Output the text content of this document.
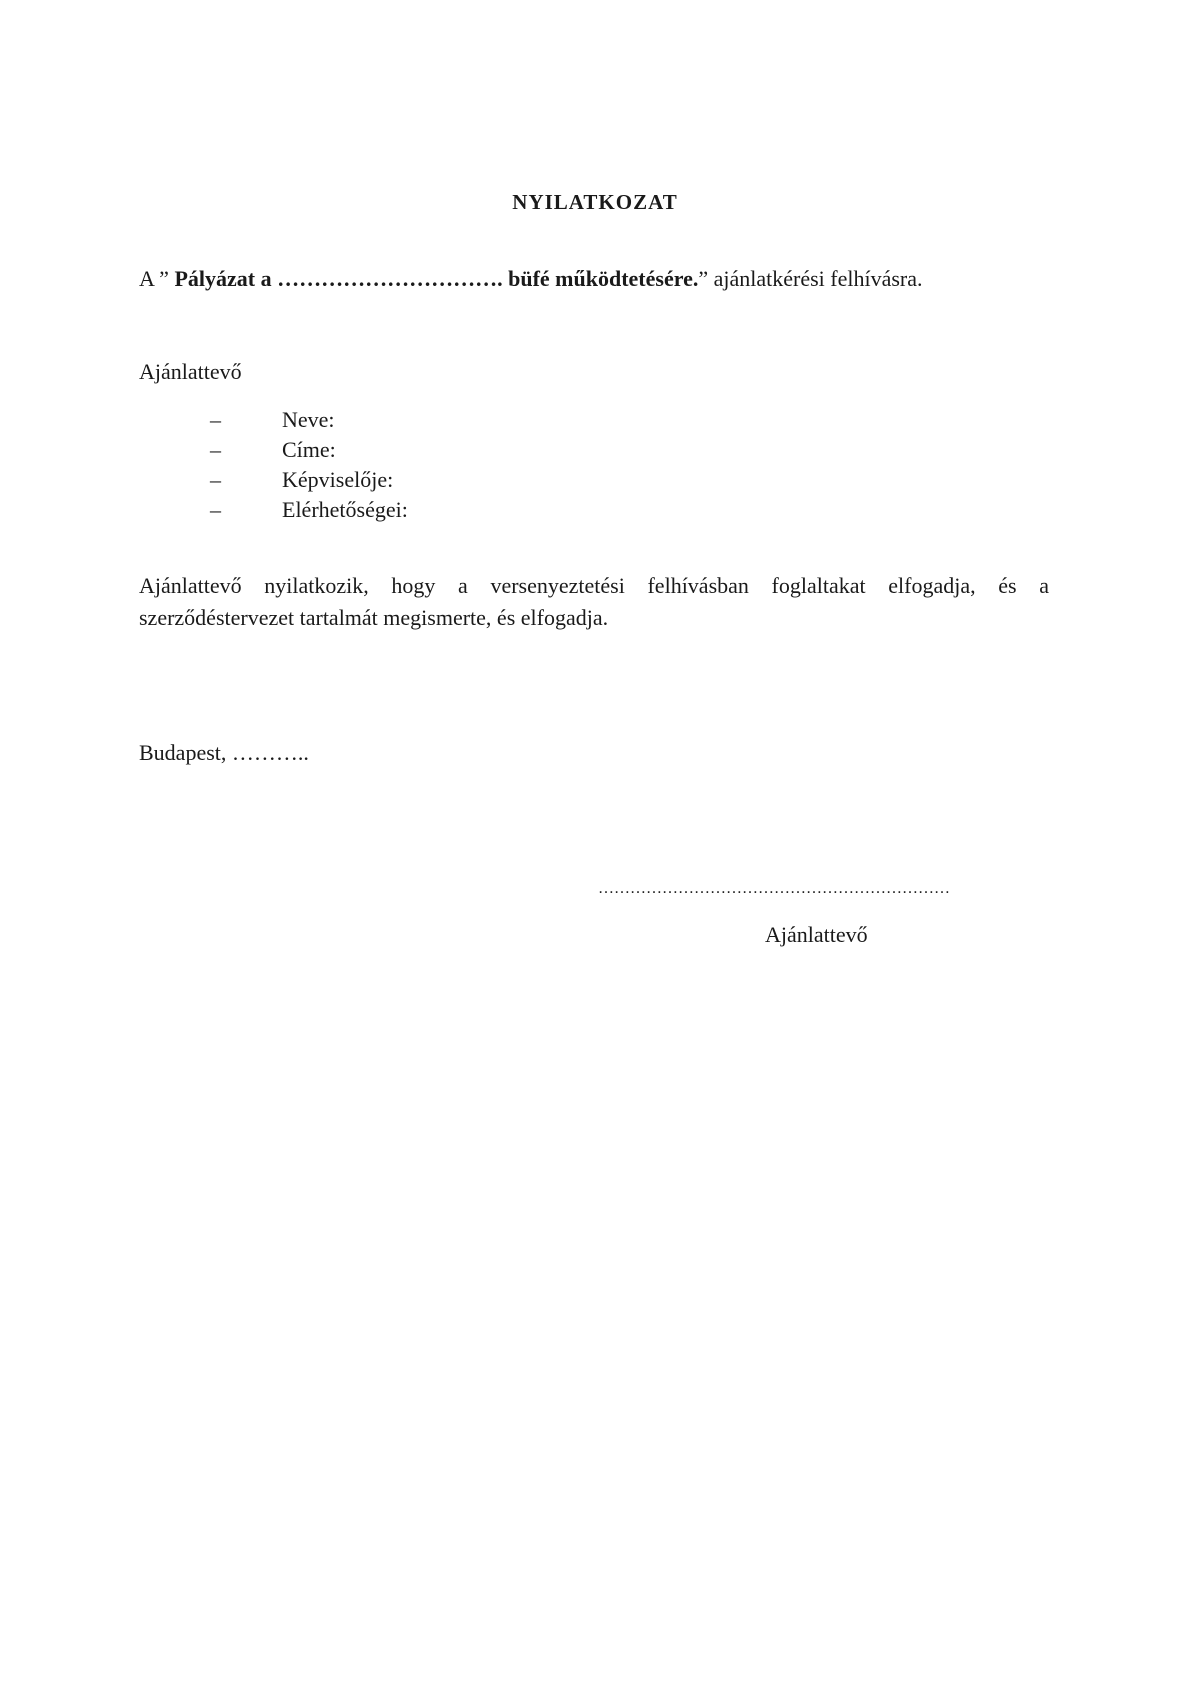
NYILATKOZAT
A ” Pályázat a …………………………. büfé működtetésére.” ajánlatkérési felhívásra.
Ajánlattevő
–	Neve:
–	Címe:
–	Képviselője:
–	Elérhetőségei:
Ajánlattevő nyilatkozik, hogy a versenyeztetési felhívásban foglaltakat elfogadja, és a szerződéstervezet tartalmát megismerte, és elfogadja.
Budapest, ………..
…………………………………………………………
Ajánlattevő
